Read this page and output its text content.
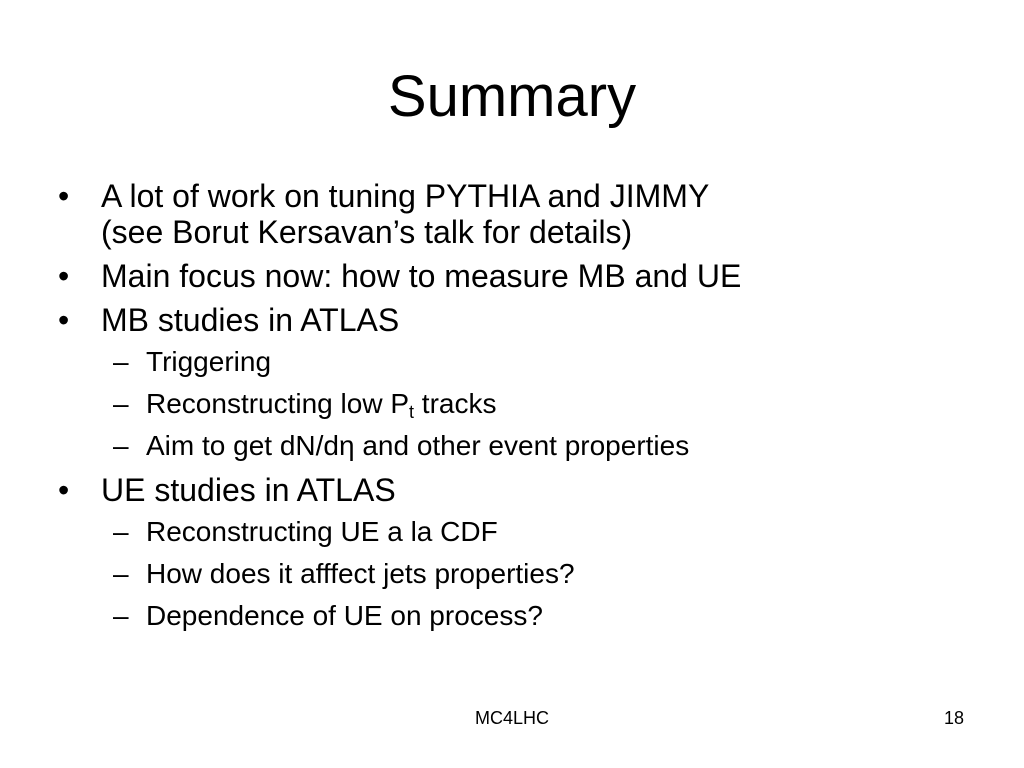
Summary
• A lot of work on tuning PYTHIA and JIMMY
(see Borut Kersavan’s talk for details)
• Main focus now: how to measure MB and UE
• MB studies in ATLAS
– Triggering
– Reconstructing low $P_t$ tracks
– Aim to get dN/dη and other event properties
• UE studies in ATLAS
– Reconstructing UE a la CDF
– How does it afffect jets properties?
– Dependence of UE on process?
MC4LHC	18
